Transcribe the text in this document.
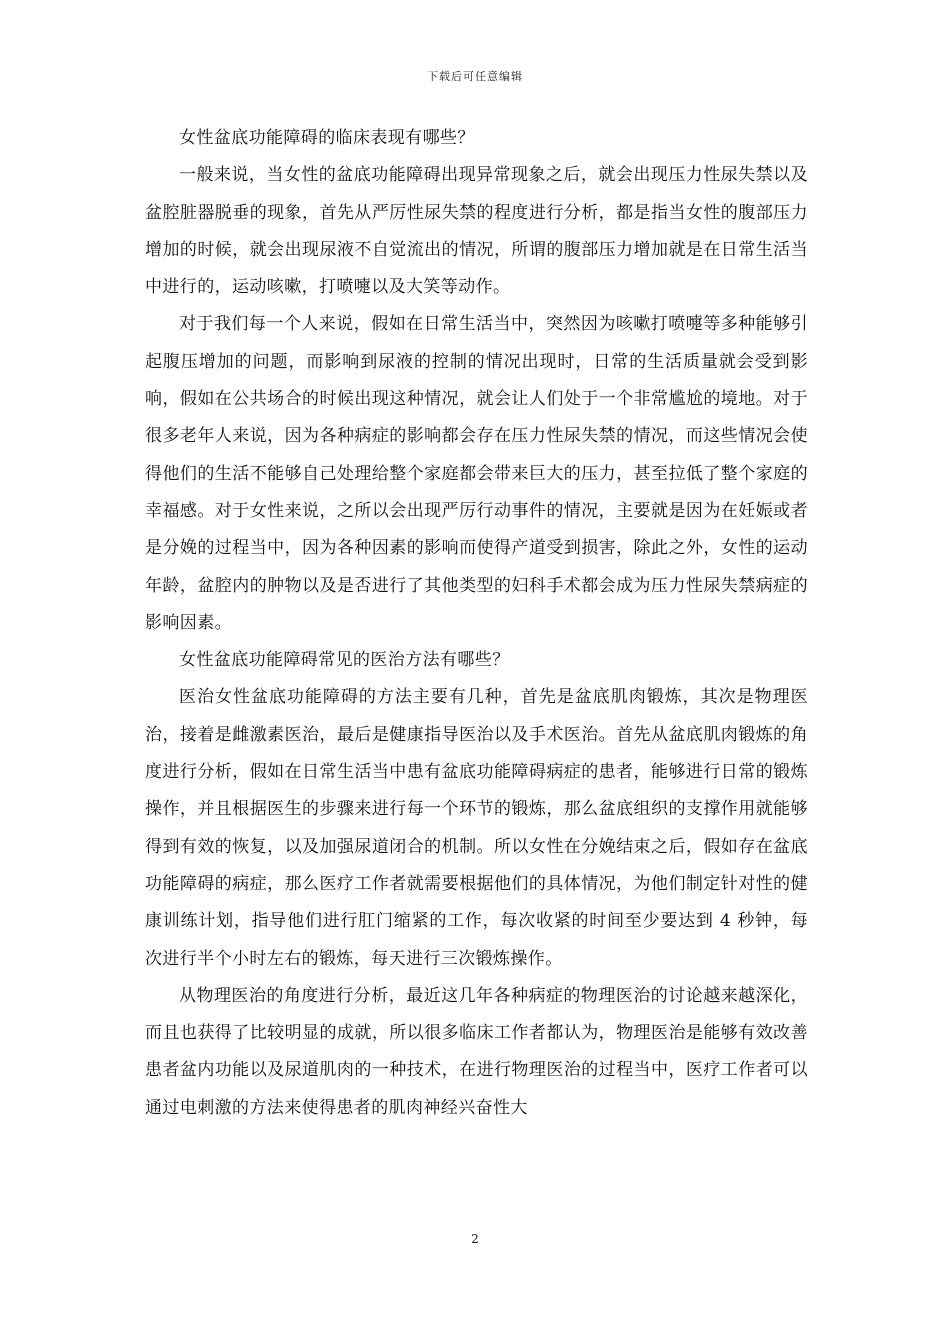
下载后可任意编辑

女性盆底功能障碍的临床表现有哪些？

一般来说，当女性的盆底功能障碍出现异常现象之后，就会出现压力性尿失禁以及盆腔脏器脱垂的现象，首先从严厉性尿失禁的程度进行分析，都是指当女性的腹部压力增加的时候，就会出现尿液不自觉流出的情况，所谓的腹部压力增加就是在日常生活当中进行的，运动咳嗽，打喷嚏以及大笑等动作。

对于我们每一个人来说，假如在日常生活当中，突然因为咳嗽打喷嚏等多种能够引起腹压增加的问题，而影响到尿液的控制的情况出现时，日常的生活质量就会受到影响，假如在公共场合的时候出现这种情况，就会让人们处于一个非常尴尬的境地。对于很多老年人来说，因为各种病症的影响都会存在压力性尿失禁的情况，而这些情况会使得他们的生活不能够自己处理给整个家庭都会带来巨大的压力，甚至拉低了整个家庭的幸福感。对于女性来说，之所以会出现严厉行动事件的情况，主要就是因为在妊娠或者是分娩的过程当中，因为各种因素的影响而使得产道受到损害，除此之外，女性的运动年龄，盆腔内的肿物以及是否进行了其他类型的妇科手术都会成为压力性尿失禁病症的影响因素。

女性盆底功能障碍常见的医治方法有哪些？

医治女性盆底功能障碍的方法主要有几种，首先是盆底肌肉锻炼，其次是物理医治，接着是雌激素医治，最后是健康指导医治以及手术医治。首先从盆底肌肉锻炼的角度进行分析，假如在日常生活当中患有盆底功能障碍病症的患者，能够进行日常的锻炼操作，并且根据医生的步骤来进行每一个环节的锻炼，那么盆底组织的支撑作用就能够得到有效的恢复，以及加强尿道闭合的机制。所以女性在分娩结束之后，假如存在盆底功能障碍的病症，那么医疗工作者就需要根据他们的具体情况，为他们制定针对性的健康训练计划，指导他们进行肛门缩紧的工作，每次收紧的时间至少要达到 4 秒钟，每次进行半个小时左右的锻炼，每天进行三次锻炼操作。

从物理医治的角度进行分析，最近这几年各种病症的物理医治的讨论越来越深化，而且也获得了比较明显的成就，所以很多临床工作者都认为，物理医治是能够有效改善患者盆内功能以及尿道肌肉的一种技术，在进行物理医治的过程当中，医疗工作者可以通过电刺激的方法来使得患者的肌肉神经兴奋性大

2
